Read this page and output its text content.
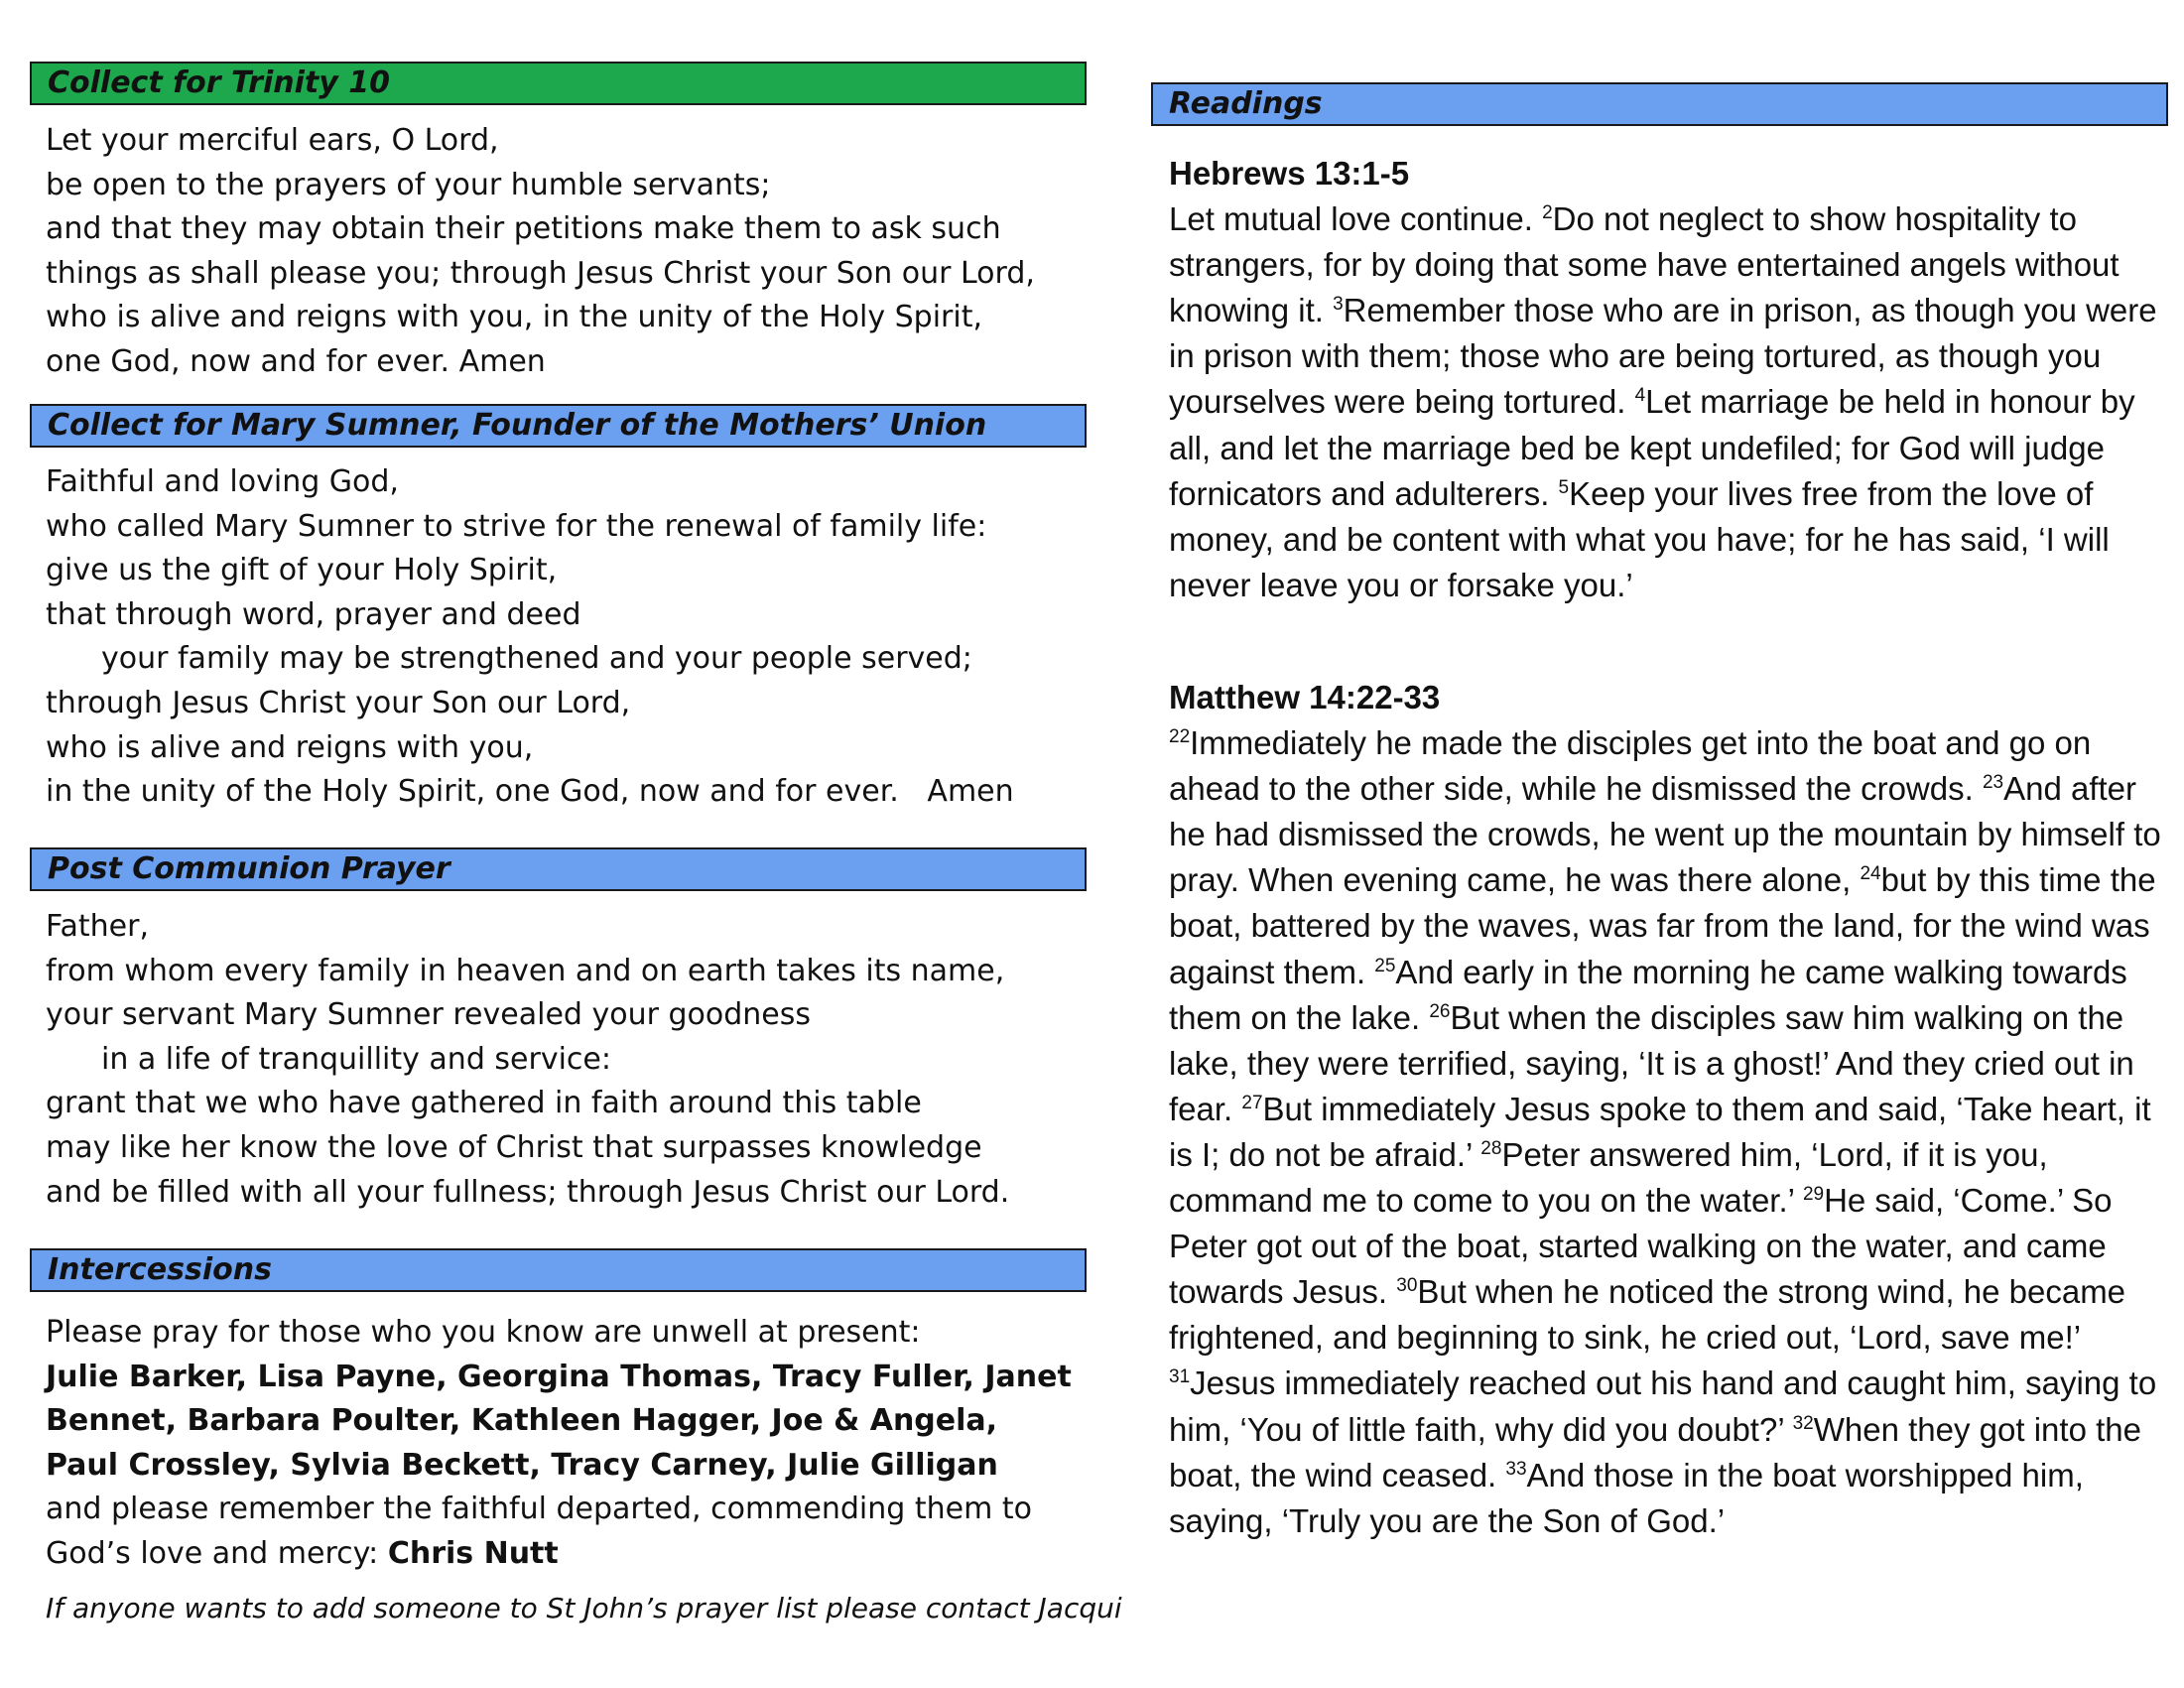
Collect for Trinity 10
Let your merciful ears, O Lord,
be open to the prayers of your humble servants;
and that they may obtain their petitions make them to ask such
things as shall please you; through Jesus Christ your Son our Lord,
who is alive and reigns with you, in the unity of the Holy Spirit,
one God, now and for ever. Amen
Collect for Mary Sumner, Founder of the Mothers’ Union
Faithful and loving God,
who called Mary Sumner to strive for the renewal of family life:
give us the gift of your Holy Spirit,
that through word, prayer and deed
your family may be strengthened and your people served;
through Jesus Christ your Son our Lord,
who is alive and reigns with you,
in the unity of the Holy Spirit, one God, now and for ever.   Amen
Post Communion Prayer
Father,
from whom every family in heaven and on earth takes its name,
your servant Mary Sumner revealed your goodness
in a life of tranquillity and service:
grant that we who have gathered in faith around this table
may like her know the love of Christ that surpasses knowledge
and be filled with all your fullness; through Jesus Christ our Lord.
Intercessions
Please pray for those who you know are unwell at present:
Julie Barker, Lisa Payne, Georgina Thomas, Tracy Fuller, Janet
Bennet, Barbara Poulter, Kathleen Hagger, Joe & Angela,
Paul Crossley, Sylvia Beckett, Tracy Carney, Julie Gilligan
and please remember the faithful departed, commending them to
God’s love and mercy: Chris Nutt
If anyone wants to add someone to St John’s prayer list please contact Jacqui
Readings
Hebrews 13:1-5
Let mutual love continue. $^2$Do not neglect to show hospitality to strangers, for by doing that some have entertained angels without knowing it. $^3$Remember those who are in prison, as though you were in prison with them; those who are being tortured, as though you yourselves were being tortured. $^4$Let marriage be held in honour by all, and let the marriage bed be kept undefiled; for God will judge fornicators and adulterers. $^5$Keep your lives free from the love of money, and be content with what you have; for he has said, ‘I will never leave you or forsake you.’
Matthew 14:22-33
$^{22}$Immediately he made the disciples get into the boat and go on ahead to the other side, while he dismissed the crowds. $^{23}$And after he had dismissed the crowds, he went up the mountain by himself to pray. When evening came, he was there alone, $^{24}$but by this time the boat, battered by the waves, was far from the land, for the wind was against them. $^{25}$And early in the morning he came walking towards them on the lake. $^{26}$But when the disciples saw him walking on the lake, they were terrified, saying, ‘It is a ghost!’ And they cried out in fear. $^{27}$But immediately Jesus spoke to them and said, ‘Take heart, it is I; do not be afraid.’ $^{28}$Peter answered him, ‘Lord, if it is you, command me to come to you on the water.’ $^{29}$He said, ‘Come.’ So Peter got out of the boat, started walking on the water, and came towards Jesus. $^{30}$But when he noticed the strong wind, he became frightened, and beginning to sink, he cried out, ‘Lord, save me!’ $^{31}$Jesus immediately reached out his hand and caught him, saying to him, ‘You of little faith, why did you doubt?’ $^{32}$When they got into the boat, the wind ceased. $^{33}$And those in the boat worshipped him, saying, ‘Truly you are the Son of God.’
